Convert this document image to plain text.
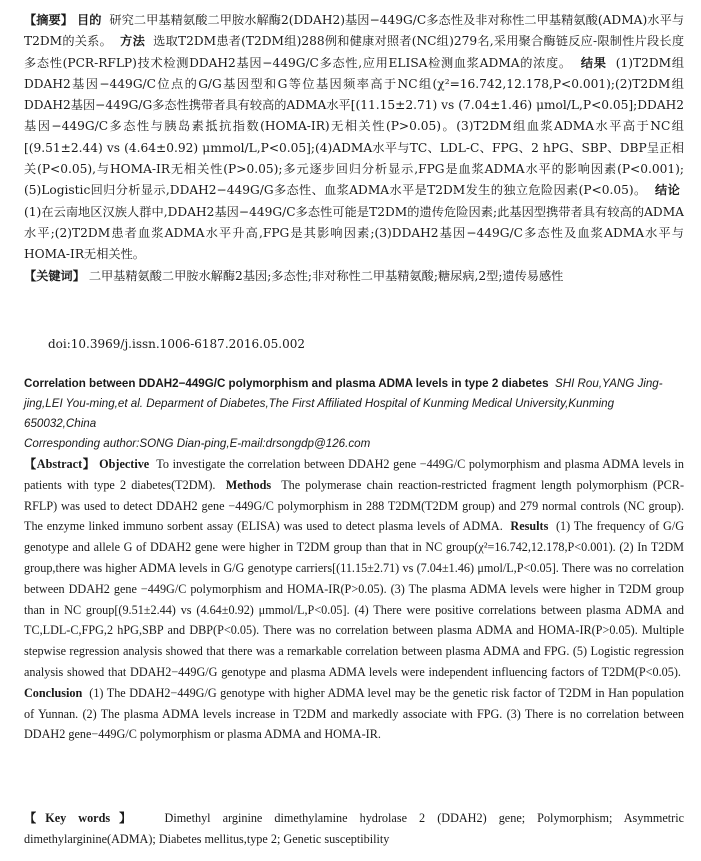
【摘要】 目的 研究二甲基精氨酸二甲胺水解酶2(DDAH2)基因−449G/C多态性及非对称性二甲基精氨酸(ADMA)水平与T2DM的关系。 方法 选取T2DM患者(T2DM组)288例和健康对照者(NC组)279名,采用聚合酶链反应-限制性片段长度多态性(PCR-RFLP)技术检测DDAH2基因−449G/C多态性,应用ELISA检测血浆ADMA的浓度。 结果 (1)T2DM组DDAH2基因−449G/C位点的G/G基因型和G等位基因频率高于NC组(χ²=16.742,12.178,P<0.001);(2)T2DM组DDAH2基因−449G/G多态性携带者具有较高的ADMA水平[(11.15±2.71) vs (7.04±1.46) μmol/L,P<0.05];DDAH2基因−449G/C多态性与胰岛素抵抗指数(HOMA-IR)无相关性(P>0.05)。(3)T2DM组血浆ADMA水平高于NC组[(9.51±2.44) vs (4.64±0.92) μmmol/L,P<0.05];(4)ADMA水平与TC、LDL-C、FPG、2 hPG、SBP、DBP呈正相关(P<0.05),与HOMA-IR无相关性(P>0.05);多元逐步回归分析显示,FPG是血浆ADMA水平的影响因素(P<0.001);(5)Logistic回归分析显示,DDAH2−449G/G多态性、血浆ADMA水平是T2DM发生的独立危险因素(P<0.05)。 结论  (1)在云南地区汉族人群中,DDAH2基因−449G/C多态性可能是T2DM的遗传危险因素;此基因型携带者具有较高的ADMA水平;(2)T2DM患者血浆ADMA水平升高,FPG是其影响因素;(3)DDAH2基因−449G/C多态性及血浆ADMA水平与HOMA-IR无相关性。

【关键词】 二甲基精氨酸二甲胺水解酶2基因;多态性;非对称性二甲基精氨酸;糖尿病,2型;遗传易感性

doi:10.3969/j.issn.1006-6187.2016.05.002
Correlation between DDAH2−449G/C polymorphism and plasma ADMA levels in type 2 diabetes SHI Rou,YANG Jing-jing,LEI You-ming,et al. Deparment of Diabetes,The First Affiliated Hospital of Kunming Medical University,Kunming 650032,China
Corresponding author:SONG Dian-ping,E-mail:drsongdp@126.com

【Abstract】 Objective To investigate the correlation between DDAH2 gene −449G/C polymorphism and plasma ADMA levels in patients with type 2 diabetes(T2DM). Methods The polymerase chain reaction-restricted fragment length polymorphism (PCR-RFLP) was used to detect DDAH2 gene −449G/C polymorphism in 288 T2DM(T2DM group) and 279 normal controls (NC group). The enzyme linked immuno sorbent assay (ELISA) was used to detect plasma levels of ADMA. Results (1) The frequency of G/G genotype and allele G of DDAH2 gene were higher in T2DM group than that in NC group(χ²=16.742,12.178,P<0.001). (2) In T2DM group,there was higher ADMA levels in G/G genotype carriers[(11.15±2.71) vs (7.04±1.46) μmol/L,P<0.05]. There was no correlation between DDAH2 gene −449G/C polymorphism and HOMA-IR(P>0.05). (3) The plasma ADMA levels were higher in T2DM group than in NC group[(9.51±2.44) vs (4.64±0.92) μmmol/L,P<0.05]. (4) There were positive correlations between plasma ADMA and TC,LDL-C,FPG,2 hPG,SBP and DBP(P<0.05). There was no correlation between plasma ADMA and HOMA-IR(P>0.05). Multiple stepwise regression analysis showed that there was a remarkable correlation between plasma ADMA and FPG. (5) Logistic regression analysis showed that DDAH2−449G/G genotype and plasma ADMA levels were independent influencing factors of T2DM(P<0.05).  Conclusion (1) The DDAH2−449G/G genotype with higher ADMA level may be the genetic risk factor of T2DM in Han population of Yunnan. (2) The plasma ADMA levels increase in T2DM and markedly associate with FPG. (3) There is no correlation between DDAH2 gene−449G/C polymorphism or plasma ADMA and HOMA-IR.

【Key words】 Dimethyl arginine dimethylamine hydrolase 2 (DDAH2) gene; Polymorphism; Asymmetric dimethylarginine(ADMA); Diabetes mellitus,type 2; Genetic susceptibility
